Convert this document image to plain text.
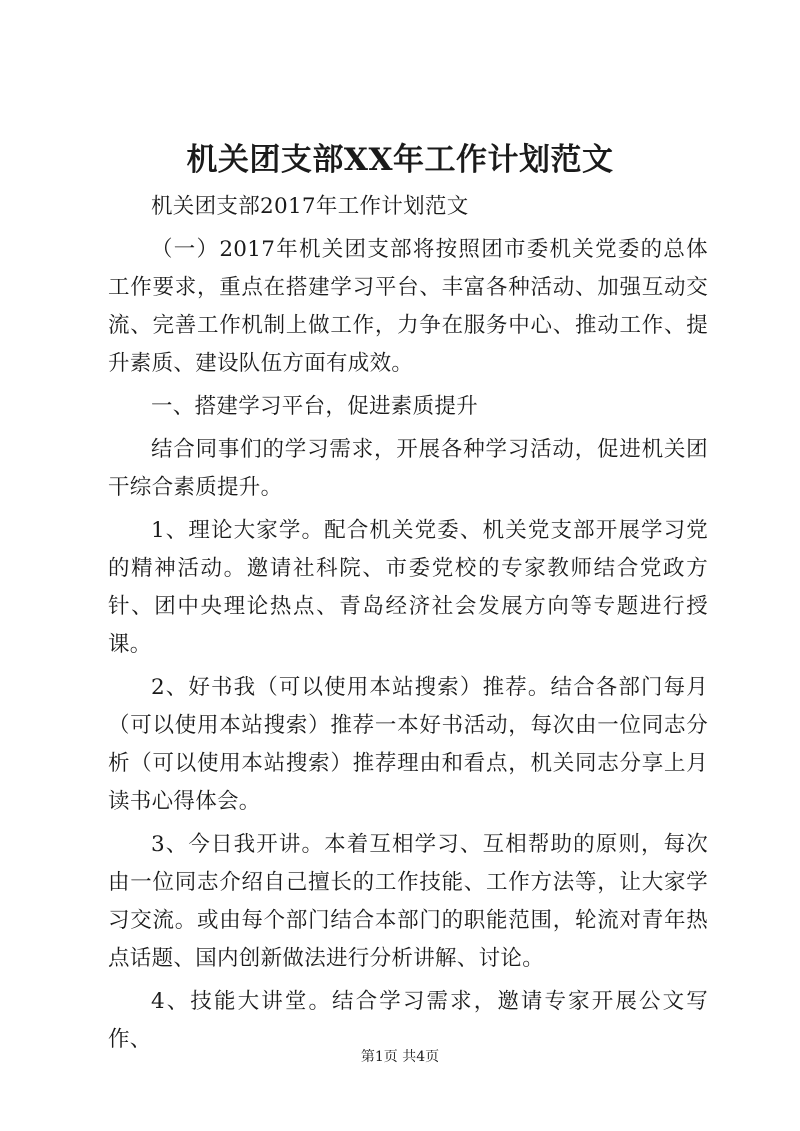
机关团支部XX年工作计划范文

机关团支部2017年工作计划范文

（一）2017年机关团支部将按照团市委机关党委的总体工作要求，重点在搭建学习平台、丰富各种活动、加强互动交流、完善工作机制上做工作，力争在服务中心、推动工作、提升素质、建设队伍方面有成效。

一、搭建学习平台，促进素质提升

结合同事们的学习需求，开展各种学习活动，促进机关团干综合素质提升。

1、理论大家学。配合机关党委、机关党支部开展学习党的精神活动。邀请社科院、市委党校的专家教师结合党政方针、团中央理论热点、青岛经济社会发展方向等专题进行授课。

2、好书我（可以使用本站搜索）推荐。结合各部门每月（可以使用本站搜索）推荐一本好书活动，每次由一位同志分析（可以使用本站搜索）推荐理由和看点，机关同志分享上月读书心得体会。

3、今日我开讲。本着互相学习、互相帮助的原则，每次由一位同志介绍自己擅长的工作技能、工作方法等，让大家学习交流。或由每个部门结合本部门的职能范围，轮流对青年热点话题、国内创新做法进行分析讲解、讨论。

4、技能大讲堂。结合学习需求，邀请专家开展公文写作、

第1页 共4页
